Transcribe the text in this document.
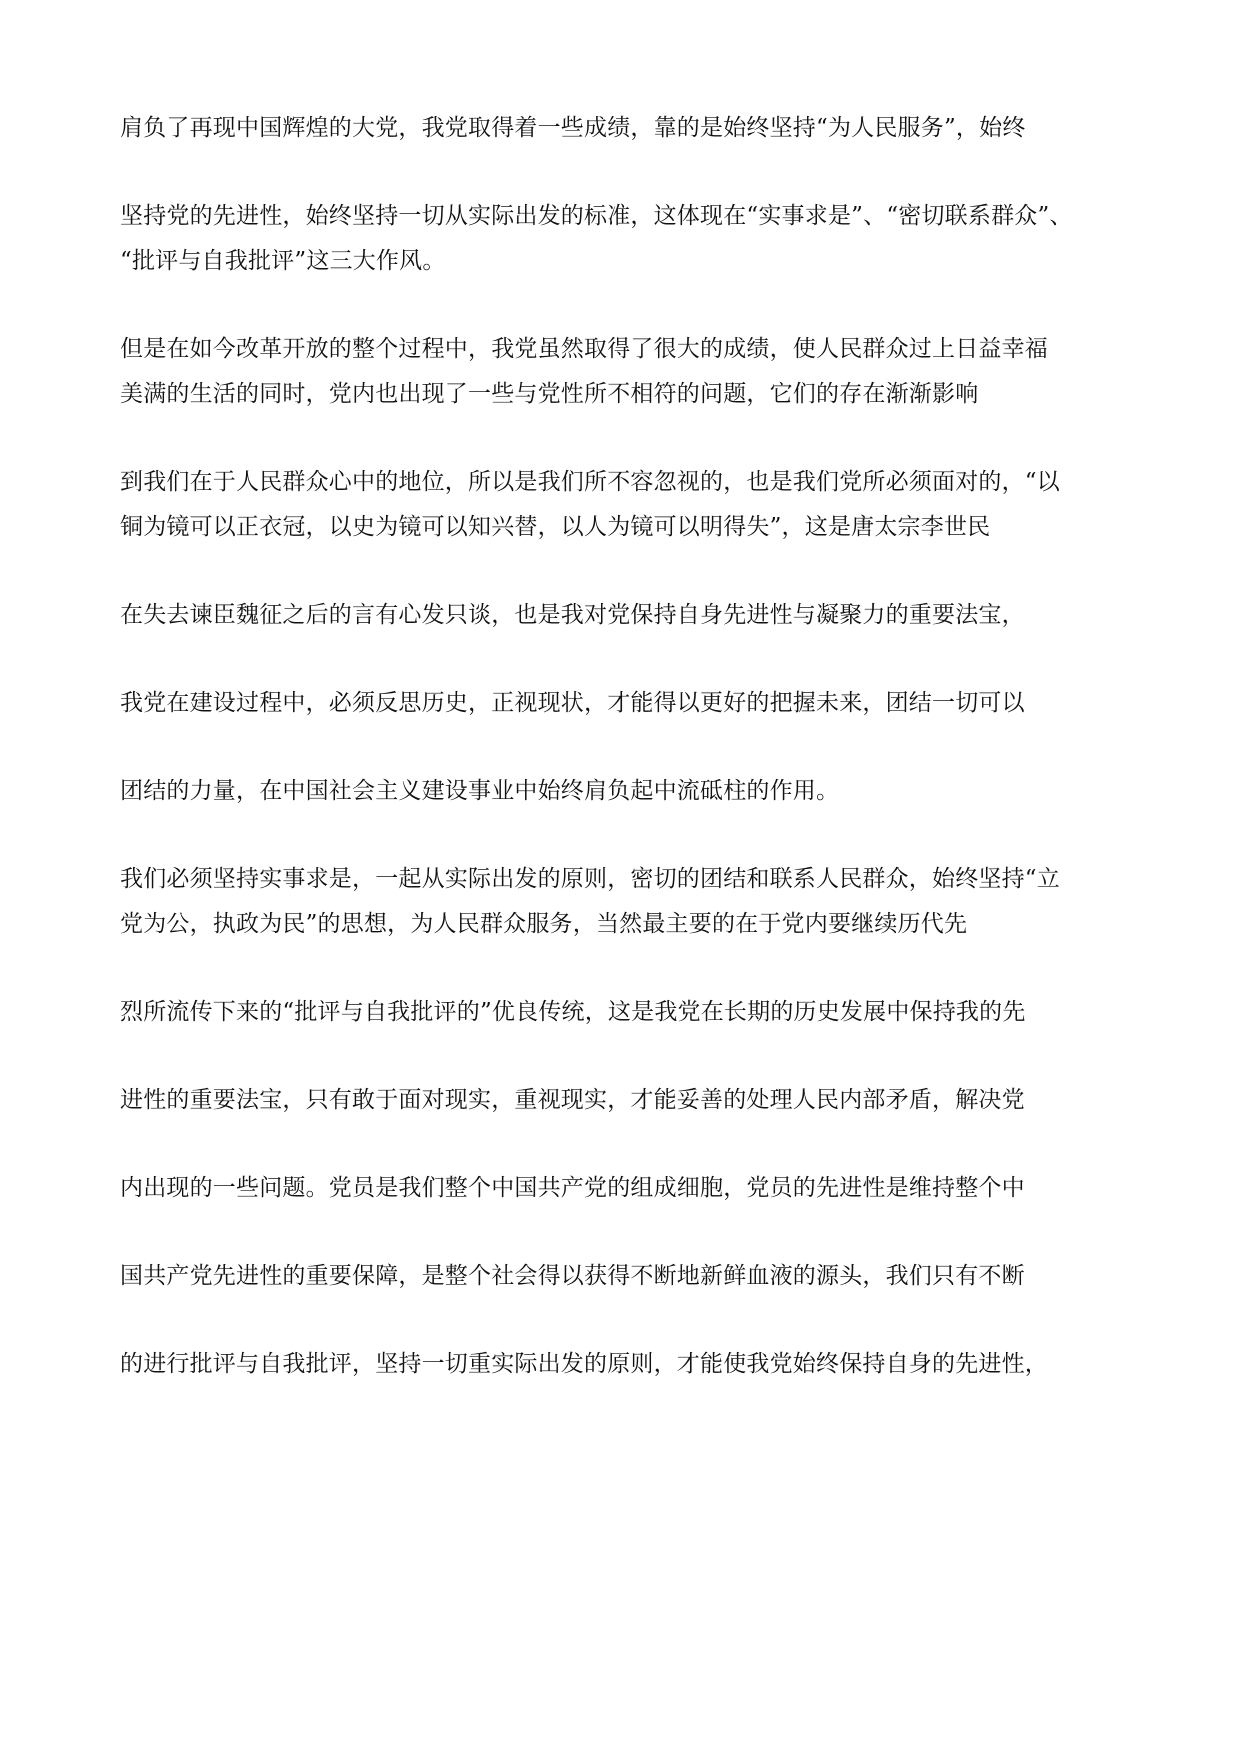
肩负了再现中国辉煌的大党，我党取得着一些成绩，靠的是始终坚持“为人民服务”，始终
坚持党的先进性，始终坚持一切从实际出发的标准，这体现在“实事求是”、“密切联系群众”、
“批评与自我批评”这三大作风。
但是在如今改革开放的整个过程中，我党虽然取得了很大的成绩，使人民群众过上日益幸福
美满的生活的同时，党内也出现了一些与党性所不相符的问题，它们的存在渐渐影响
到我们在于人民群众心中的地位，所以是我们所不容忽视的，也是我们党所必须面对的，“以
铜为镜可以正衣冠，以史为镜可以知兴替，以人为镜可以明得失”，这是唐太宗李世民
在失去谏臣魏征之后的言有心发只谈，也是我对党保持自身先进性与凝聚力的重要法宝，
我党在建设过程中，必须反思历史，正视现状，才能得以更好的把握未来，团结一切可以
团结的力量，在中国社会主义建设事业中始终肩负起中流砥柱的作用。
我们必须坚持实事求是，一起从实际出发的原则，密切的团结和联系人民群众，始终坚持“立
党为公，执政为民”的思想，为人民群众服务，当然最主要的在于党内要继续历代先
烈所流传下来的“批评与自我批评的”优良传统，这是我党在长期的历史发展中保持我的先
进性的重要法宝，只有敢于面对现实，重视现实，才能妥善的处理人民内部矛盾，解决党
内出现的一些问题。党员是我们整个中国共产党的组成细胞，党员的先进性是维持整个中
国共产党先进性的重要保障，是整个社会得以获得不断地新鲜血液的源头，我们只有不断
的进行批评与自我批评，坚持一切重实际出发的原则，才能使我党始终保持自身的先进性，
